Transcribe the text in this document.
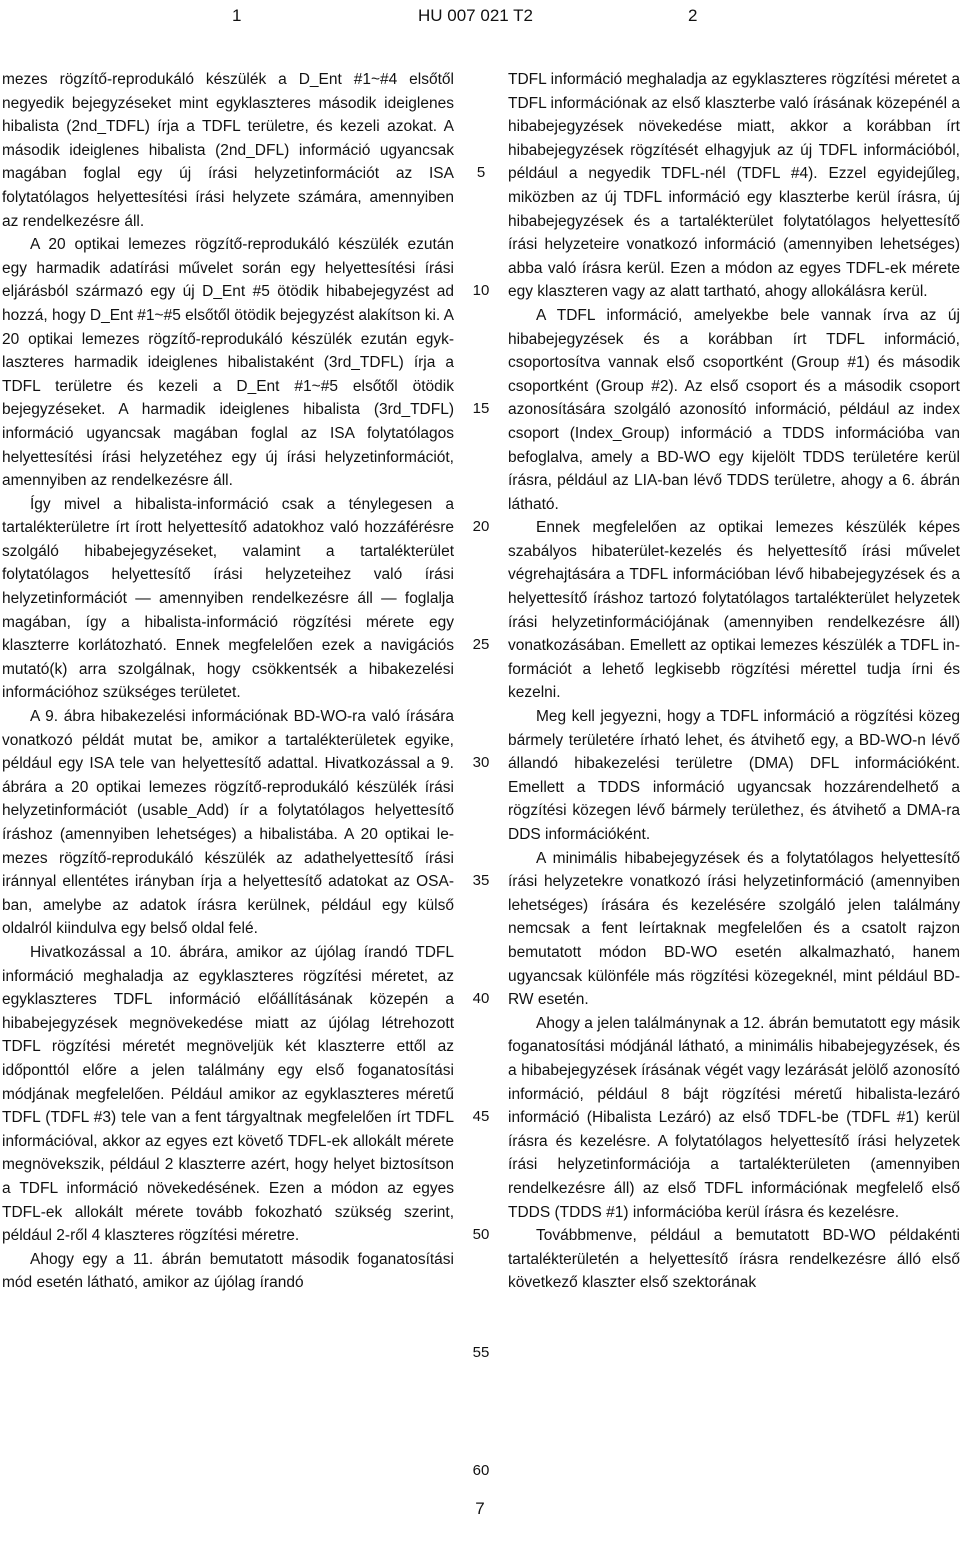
1	HU 007 021 T2	2

mezes rögzítő-reprodukáló készülék a D_Ent #1~#4 elsőtől negyedik bejegyzéseket mint egyklaszteres második ideiglenes hibalista (2nd_TDFL) írja a TDFL területre, és kezeli azokat. A második ideiglenes hibalista (2nd_DFL) információ ugyancsak magában foglal egy új írási helyzetinformációt az ISA folytatólagos helyettesítési írási helyzete számára, amennyiben az rendelkezésre áll.

A 20 optikai lemezes rögzítő-reprodukáló készülék ezután egy harmadik adatírási művelet során egy helyettesítési írási eljárásból származó egy új D_Ent #5 ötödik hibabejegyzést ad hozzá, hogy D_Ent #1~#5 elsőtől ötödik bejegyzést alakítson ki. A 20 optikai lemezes rögzítő-reprodukáló készülék ezután egyklaszteres harmadik ideiglenes hibalistaként (3rd_TDFL) írja a TDFL területre és kezeli a D_Ent #1~#5 elsőtől ötödik bejegyzéseket. A harmadik ideiglenes hibalista (3rd_TDFL) információ ugyancsak magában foglal az ISA folytatólagos helyettesítési írási helyzetéhez egy új írási helyzetinformációt, amennyiben az rendelkezésre áll.

Így mivel a hibalista-információ csak a ténylegesen a tartalékterületre írt írott helyettesítő adatokhoz való hozzáférésre szolgáló hibabejegyzéseket, valamint a tartalékterület folytatólagos helyettesítő írási helyzeteihez való írási helyzetinformációt — amennyiben rendelkezésre áll — foglalja magában, így a hibalista-információ rögzítési mérete egy klaszterre korlátozható. Ennek megfelelően ezek a navigációs mutató(k) arra szolgálnak, hogy csökkentsék a hibakezelési információhoz szükséges területet.

A 9. ábra hibakezelési információnak BD-WO-ra való írására vonatkozó példát mutat be, amikor a tartalékterületek egyike, például egy ISA tele van helyettesítő adattal. Hivatkozással a 9. ábrára a 20 optikai lemezes rögzítő-reprodukáló készülék írási helyzetinformációt (usable_Add) ír a folytatólagos helyettesítő íráshoz (amennyiben lehetséges) a hibalistába. A 20 optikai lemezes rögzítő-reprodukáló készülék az adathelyettesítő írási iránnyal ellentétes irányban írja a helyettesítő adatokat az OSA-ban, amelybe az adatok írásra kerülnek, például egy külső oldalról kiindulva egy belső oldal felé.

Hivatkozással a 10. ábrára, amikor az újólag írandó TDFL információ meghaladja az egyklaszteres rögzítési méretet, az egyklaszteres TDFL információ előállításának közepén a hibabejegyzések megnövekedése miatt az újólag létrehozott TDFL rögzítési méretét megnöveljük két klaszterre ettől az időponttól előre a jelen találmány egy első foganatosítási módjának megfelelően. Például amikor az egyklaszteres méretű TDFL (TDFL #3) tele van a fent tárgyaltnak megfelelően írt TDFL információval, akkor az egyes ezt követő TDFL-ek allokált mérete megnövekszik, például 2 klaszterre azért, hogy helyet biztosítson a TDFL információ növekedésének. Ezen a módon az egyes TDFL-ek allokált mérete tovább fokozható szükség szerint, például 2-ről 4 klaszteres rögzítési méretre.

Ahogy egy a 11. ábrán bemutatott második foganatosítási mód esetén látható, amikor az újólag írandó

TDFL információ meghaladja az egyklaszteres rögzítési méretet a TDFL információnak az első klaszterbe való írásának közepénél a hibabejegyzések növekedése miatt, akkor a korábban írt hibabejegyzések rögzítését elhagyjuk az új TDFL információból, például a negyedik TDFL-nél (TDFL #4). Ezzel egyidejűleg, miközben az új TDFL információ egy klaszterbe kerül írásra, új hibabejegyzések és a tartalékterület folytatólagos helyettesítő írási helyzeteire vonatkozó információ (amennyiben lehetséges) abba való írásra kerül. Ezen a módon az egyes TDFL-ek mérete egy klaszteren vagy az alatt tartható, ahogy allokálásra kerül.

A TDFL információ, amelyekbe bele vannak írva az új hibabejegyzések és a korábban írt TDFL információ, csoportosítva vannak első csoportként (Group #1) és második csoportként (Group #2). Az első csoport és a második csoport azonosítására szolgáló azonosító információ, például az index csoport (Index_Group) információ a TDDS információba van befoglalva, amely a BD-WO egy kijelölt TDDS területére kerül írásra, például az LIA-ban lévő TDDS területre, ahogy a 6. ábrán látható.

Ennek megfelelően az optikai lemezes készülék képes szabályos hibaterület-kezelés és helyettesítő írási művelet végrehajtására a TDFL információban lévő hibabejegyzések és a helyettesítő íráshoz tartozó folytatólagos tartalékterület helyzetek írási helyzetinformációjának (amennyiben rendelkezésre áll) vonatkozásában. Emellett az optikai lemezes készülék a TDFL információt a lehető legkisebb rögzítési mérettel tudja írni és kezelni.

Meg kell jegyezni, hogy a TDFL információ a rögzítési közeg bármely területére írható lehet, és átvihető egy, a BD-WO-n lévő állandó hibakezelési területre (DMA) DFL információként. Emellett a TDDS információ ugyancsak hozzárendelhető a rögzítési közegen lévő bármely területhez, és átvihető a DMA-ra DDS információként.

A minimális hibabejegyzések és a folytatólagos helyettesítő írási helyzetekre vonatkozó írási helyzetinformáció (amennyiben lehetséges) írására és kezelésére szolgáló jelen találmány nemcsak a fent leírtaknak megfelelően és a csatolt rajzon bemutatott módon BD-WO esetén alkalmazható, hanem ugyancsak különféle más rögzítési közegeknél, mint például BD-RW esetén.

Ahogy a jelen találmánynak a 12. ábrán bemutatott egy másik foganatosítási módjánál látható, a minimális hibabejegyzések, és a hibabejegyzések írásának végét vagy lezárását jelölő azonosító információ, például 8 bájt rögzítési méretű hibalista-lezáró információ (Hibalista Lezáró) az első TDFL-be (TDFL #1) kerül írásra és kezelésre. A folytatólagos helyettesítő írási helyzetek írási helyzetinformációja a tartalékterületen (amennyiben rendelkezésre áll) az első TDFL információnak megfelelő első TDDS (TDDS #1) információba kerül írásra és kezelésre.

Továbbmenve, például a bemutatott BD-WO példakénti tartalékterületén a helyettesítő írásra rendelkezésre álló első következő klaszter első szektorának

5
10
15
20
25
30
35
40
45
50
55
60
7
